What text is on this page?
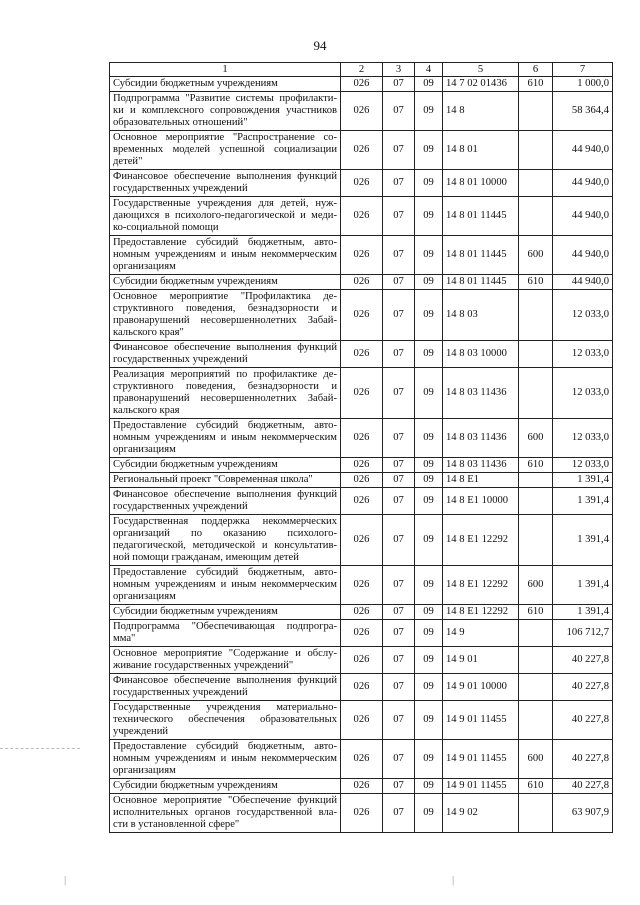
94
1	2	3	4	5	6	7
Субсидии бюджетным учреждениям	026	07	09	14 7 02 01436	610	1 000,0
Подпрограмма "Развитие системы профилакти-ки и комплексного сопровождения участников образовательных отношений"	026	07	09	14 8		58 364,4
Основное мероприятие "Распространение со-временных моделей успешной социализации детей"	026	07	09	14 8 01		44 940,0
Финансовое обеспечение выполнения функций государственных учреждений	026	07	09	14 8 01 10000		44 940,0
Государственные учреждения для детей, нуж-дающихся в психолого-педагогической и меди-ко-социальной помощи	026	07	09	14 8 01 11445		44 940,0
Предоставление субсидий бюджетным, авто-номным учреждениям и иным некоммерческим организациям	026	07	09	14 8 01 11445	600	44 940,0
Субсидии бюджетным учреждениям	026	07	09	14 8 01 11445	610	44 940,0
Основное мероприятие "Профилактика де-структивного поведения, безнадзорности и правонарушений несовершеннолетних Забай-кальского края"	026	07	09	14 8 03		12 033,0
Финансовое обеспечение выполнения функций государственных учреждений	026	07	09	14 8 03 10000		12 033,0
Реализация мероприятий по профилактике де-структивного поведения, безнадзорности и правонарушений несовершеннолетних Забай-кальского края	026	07	09	14 8 03 11436		12 033,0
Предоставление субсидий бюджетным, авто-номным учреждениям и иным некоммерческим организациям	026	07	09	14 8 03 11436	600	12 033,0
Субсидии бюджетным учреждениям	026	07	09	14 8 03 11436	610	12 033,0
Региональный проект "Современная школа"	026	07	09	14 8 E1		1 391,4
Финансовое обеспечение выполнения функций государственных учреждений	026	07	09	14 8 E1 10000		1 391,4
Государственная поддержка некоммерческих организаций по оказанию психолого-педагогической, методической и консультатив-ной помощи гражданам, имеющим детей	026	07	09	14 8 E1 12292		1 391,4
Предоставление субсидий бюджетным, авто-номным учреждениям и иным некоммерческим организациям	026	07	09	14 8 E1 12292	600	1 391,4
Субсидии бюджетным учреждениям	026	07	09	14 8 E1 12292	610	1 391,4
Подпрограмма "Обеспечивающая подпрогра-мма"	026	07	09	14 9		106 712,7
Основное мероприятие "Содержание и обслу-живание государственных учреждений"	026	07	09	14 9 01		40 227,8
Финансовое обеспечение выполнения функций государственных учреждений	026	07	09	14 9 01 10000		40 227,8
Государственные учреждения материально-технического обеспечения образовательных учреждений	026	07	09	14 9 01 11455		40 227,8
Предоставление субсидий бюджетным, авто-номным учреждениям и иным некоммерческим организациям	026	07	09	14 9 01 11455	600	40 227,8
Субсидии бюджетным учреждениям	026	07	09	14 9 01 11455	610	40 227,8
Основное мероприятие "Обеспечение функций исполнительных органов государственной вла-сти в установленной сфере"	026	07	09	14 9 02		63 907,9
|	|
